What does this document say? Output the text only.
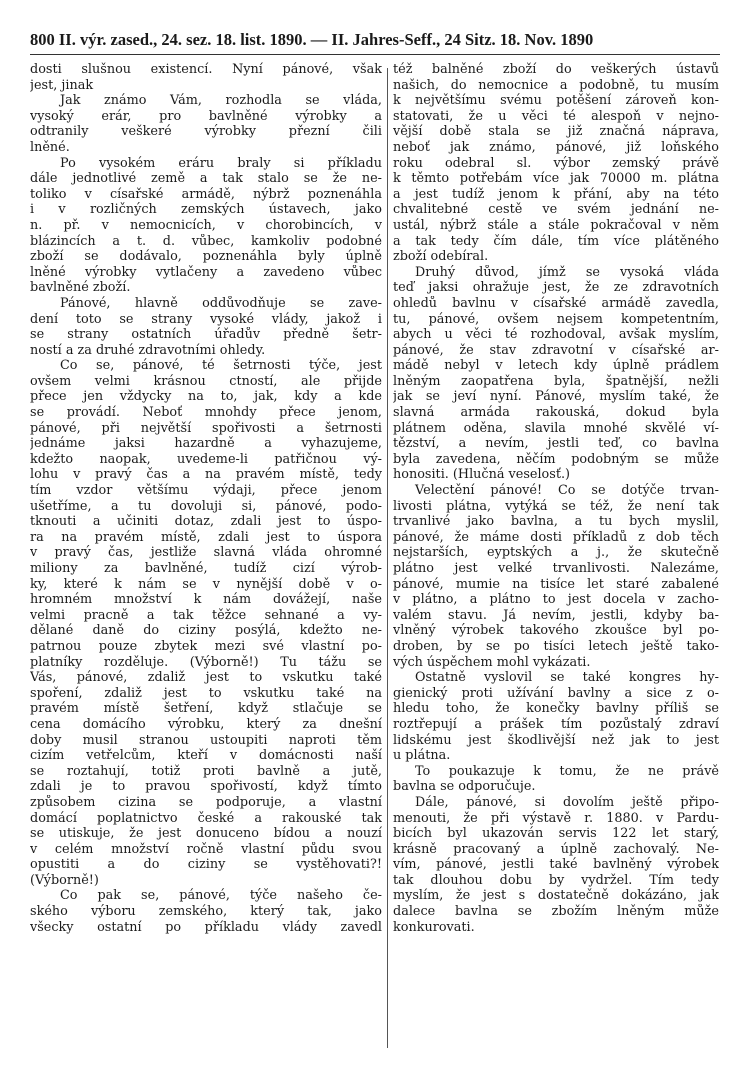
800 II. výr. zased., 24. sez. 18. list. 1890. — II. Jahres-Seff., 24 Sitz. 18. Nov. 1890
dosti slušnou existencí. Nyní pánové, však
jest, jinak
Jak známo Vám, rozhodla se vláda,
vysoký erár, pro bavlněné výrobky a
odtranily veškeré výrobky přezní čili
lněné.
Po vysokém eráru braly si příkladu
dále jednotlivé země a tak stalo se že ne-
toliko v císařské armádě, nýbrž poznenáhla
i v rozličných zemských ústavech, jako
n. př. v nemocnicích, v chorobincích, v
blázincích a t. d. vůbec, kamkoliv podobné
zboží se dodávalo, poznenáhla byly úplně
lněné výrobky vytlačeny a zavedeno vůbec
bavlněné zboží.
Pánové, hlavně oddůvodňuje se zave-
dení toto se strany vysoké vlády, jakož i
se strany ostatních úřadův předně šetr-
ností a za druhé zdravotními ohledy.
Co se, pánové, té šetrnosti týče, jest
ovšem velmi krásnou ctností, ale přijde
přece jen vždycky na to, jak, kdy a kde
se provádí. Neboť mnohdy přece jenom,
pánové, při největší spořivosti a šetrnosti
jednáme jaksi hazardně a vyhazujeme,
kdežto naopak, uvedeme-li patřičnou vý-
lohu v pravý čas a na pravém místě, tedy
tím vzdor většímu výdaji, přece jenom
ušetříme, a tu dovoluji si, pánové, podo-
tknouti a učiniti dotaz, zdali jest to úspo-
ra na pravém místě, zdali jest to úspora
v pravý čas, jestliže slavná vláda ohromné
miliony za bavlněné, tudíž cizí výrob-
ky, které k nám se v nynější době v o-
hromném množství k nám dovážejí, naše
velmi pracně a tak těžce sehnané a vy-
dělané daně do ciziny posýlá, kdežto ne-
patrnou pouze zbytek mezi své vlastní po-
platníky rozděluje. (Výborně!) Tu tážu se
Vás, pánové, zdaliž jest to vskutku také
spoření, zdaliž jest to vskutku také na
pravém místě šetření, když stlačuje se
cena domácího výrobku, který za dnešní
doby musil stranou ustoupiti naproti těm
cizím vetřelcům, kteří v domácnosti naší
se roztahují, totiž proti bavlně a jutě,
zdali je to pravou spořivostí, když tímto
způsobem cizina se podporuje, a vlastní
domácí poplatnictvo české a rakouské tak
se utiskuje, že jest donuceno bídou a nouzí
v celém množství ročně vlastní půdu svou
opustiti a do ciziny se vystěhovati?!
(Výborně!)
Co pak se, pánové, týče našeho če-
ského výboru zemského, který tak, jako
všecky ostatní po příkladu vlády zavedl
též balněné zboží do veškerých ústavů
našich, do nemocnice a podobně, tu musím
k největšímu svému potěšení zároveň kon-
statovati, že u věci té alespoň v nejno-
vější době stala se již značná náprava,
neboť jak známo, pánové, již loňského
roku odebral sl. výbor zemský právě
k těmto potřebám více jak 70000 m. plátna
a jest tudíž jenom k přání, aby na této
chvalitebné cestě ve svém jednání ne-
ustál, nýbrž stále a stále pokračoval v něm
a tak tedy čím dále, tím více plátěného
zboží odebíral.
Druhý důvod, jímž se vysoká vláda
teď jaksi ohražuje jest, že ze zdravotních
ohledů bavlnu v císařské armádě zavedla,
tu, pánové, ovšem nejsem kompetentním,
abych u věci té rozhodoval, avšak myslím,
pánové, že stav zdravotní v císařské ar-
mádě nebyl v letech kdy úplně prádlem
lněným zaopatřena byla, špatnější, nežli
jak se jeví nyní. Pánové, myslím také, že
slavná armáda rakouská, dokud byla
plátnem oděna, slavila mnohé skvělé ví-
tězství, a nevím, jestli teď, co bavlna
byla zavedena, něčím podobným se může
honositi. (Hlučná veselosť.)
Velectění pánové! Co se dotýče trvan-
livosti plátna, vytýká se též, že není tak
trvanlivé jako bavlna, a tu bych myslil,
pánové, že máme dosti příkladů z dob těch
nejstarších, eyptských a j., že skutečně
plátno jest velké trvanlivosti. Nalezáme,
pánové, mumie na tisíce let staré zabalené
v plátno, a plátno to jest docela v zacho-
valém stavu. Já nevím, jestli, kdyby ba-
vlněný výrobek takového zkoušce byl po-
droben, by se po tisíci letech ještě tako-
vých úspěchem mohl vykázati.
Ostatně vyslovil se také kongres hy-
gienický proti užívání bavlny a sice z o-
hledu toho, že konečky bavlny příliš se
roztřepují a prášek tím pozůstalý zdraví
lidskému jest škodlivější než jak to jest
u plátna.
To poukazuje k tomu, že ne právě
bavlna se odporučuje.
Dále, pánové, si dovolím ještě připo-
menouti, že při výstavě r. 1880. v Pardu-
bicích byl ukazován servis 122 let starý,
krásně pracovaný a úplně zachovalý. Ne-
vím, pánové, jestli také bavlněný výrobek
tak dlouhou dobu by vydržel. Tím tedy
myslím, že jest s dostatečně dokázáno, jak
dalece bavlna se zbožím lněným může
konkurovati.
